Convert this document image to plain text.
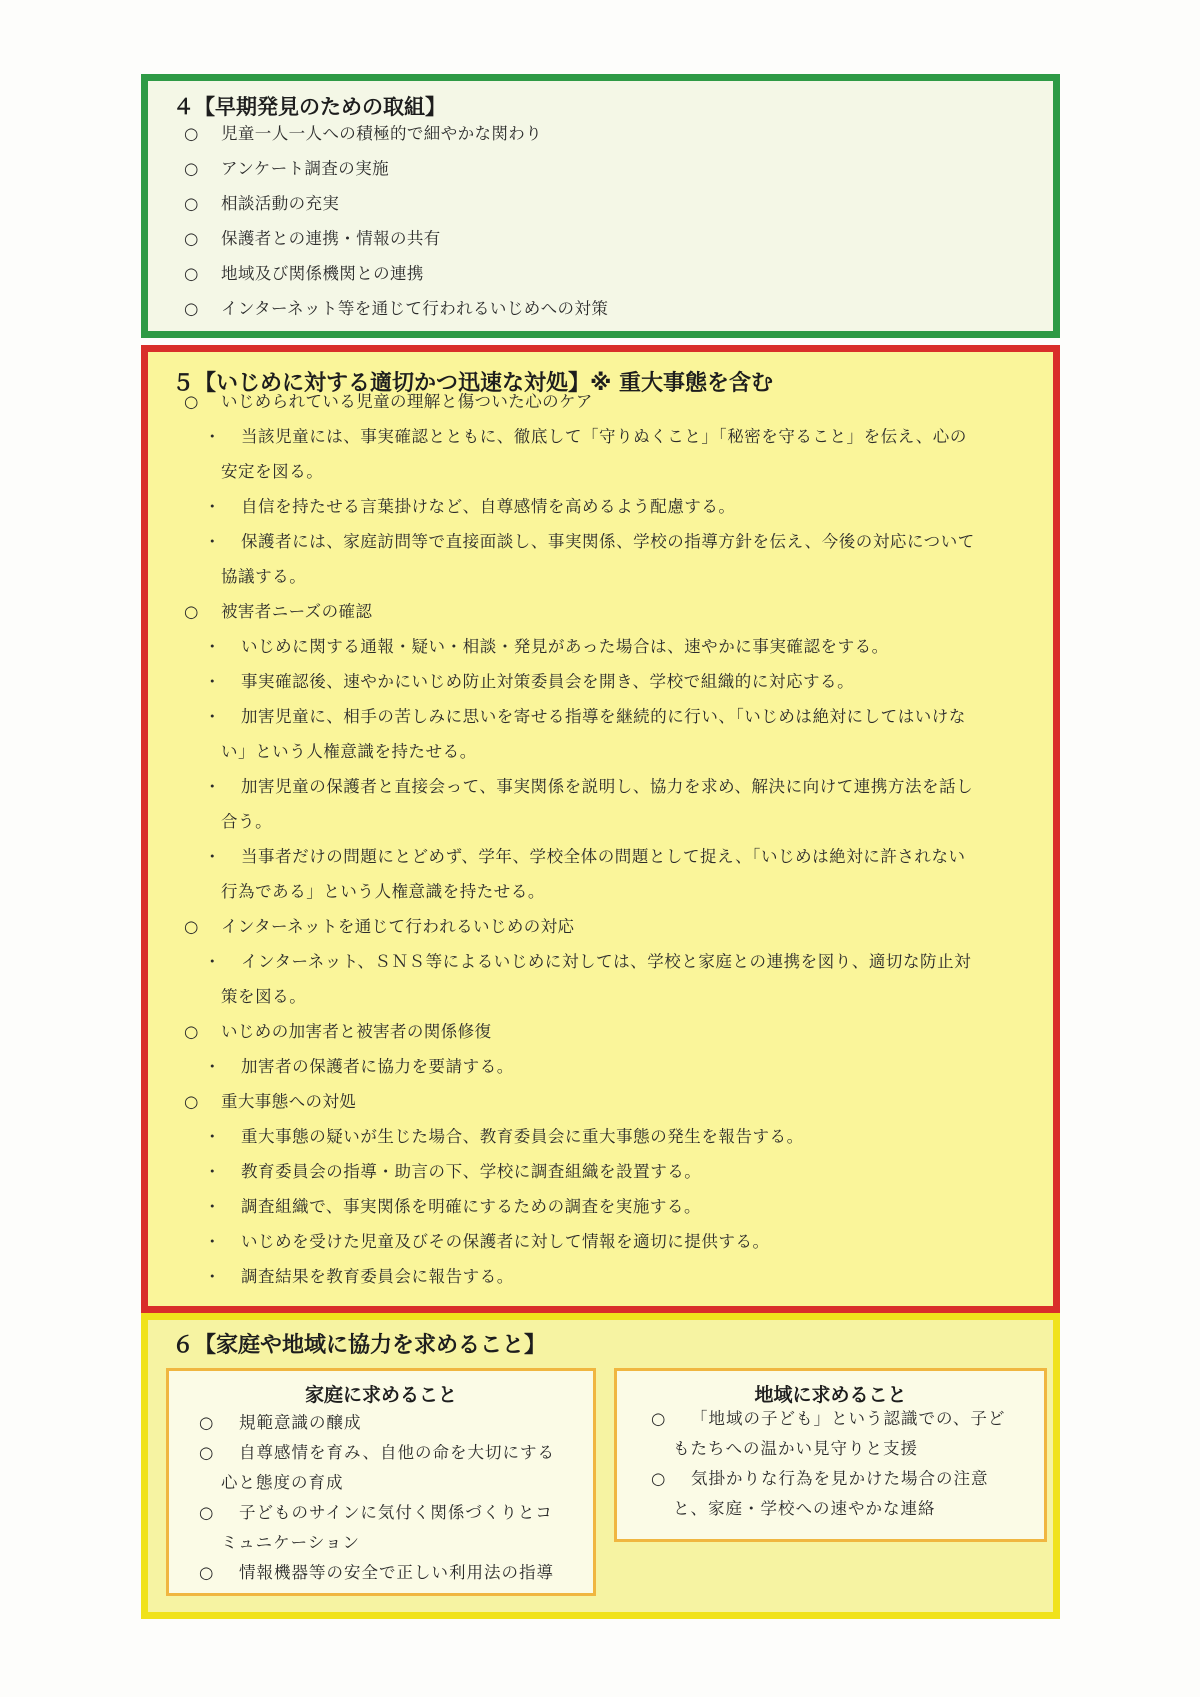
４【早期発見のための取組】
○ 児童一人一人への積極的で細やかな関わり
○ アンケート調査の実施
○ 相談活動の充実
○ 保護者との連携・情報の共有
○ 地域及び関係機関との連携
○ インターネット等を通じて行われるいじめへの対策
５【いじめに対する適切かつ迅速な対処】※ 重大事態を含む
○ いじめられている児童の理解と傷ついた心のケア
・ 当該児童には、事実確認とともに、徹底して「守りぬくこと」「秘密を守ること」を伝え、心の
安定を図る。
・ 自信を持たせる言葉掛けなど、自尊感情を高めるよう配慮する。
・ 保護者には、家庭訪問等で直接面談し、事実関係、学校の指導方針を伝え、今後の対応について
協議する。
○ 被害者ニーズの確認
・ いじめに関する通報・疑い・相談・発見があった場合は、速やかに事実確認をする。
・ 事実確認後、速やかにいじめ防止対策委員会を開き、学校で組織的に対応する。
・ 加害児童に、相手の苦しみに思いを寄せる指導を継続的に行い、「いじめは絶対にしてはいけな
い」という人権意識を持たせる。
・ 加害児童の保護者と直接会って、事実関係を説明し、協力を求め、解決に向けて連携方法を話し
合う。
・ 当事者だけの問題にとどめず、学年、学校全体の問題として捉え、「いじめは絶対に許されない
行為である」という人権意識を持たせる。
○ インターネットを通じて行われるいじめの対応
・ インターネット、ＳＮＳ等によるいじめに対しては、学校と家庭との連携を図り、適切な防止対
策を図る。
○ いじめの加害者と被害者の関係修復
・ 加害者の保護者に協力を要請する。
○ 重大事態への対処
・ 重大事態の疑いが生じた場合、教育委員会に重大事態の発生を報告する。
・ 教育委員会の指導・助言の下、学校に調査組織を設置する。
・ 調査組織で、事実関係を明確にするための調査を実施する。
・ いじめを受けた児童及びその保護者に対して情報を適切に提供する。
・ 調査結果を教育委員会に報告する。
６【家庭や地域に協力を求めること】
家庭に求めること
○ 規範意識の醸成
○ 自尊感情を育み、自他の命を大切にする
心と態度の育成
○ 子どものサインに気付く関係づくりとコ
ミュニケーション
○ 情報機器等の安全で正しい利用法の指導
地域に求めること
○ 「地域の子ども」という認識での、子ど
もたちへの温かい見守りと支援
○ 気掛かりな行為を見かけた場合の注意
と、家庭・学校への速やかな連絡
